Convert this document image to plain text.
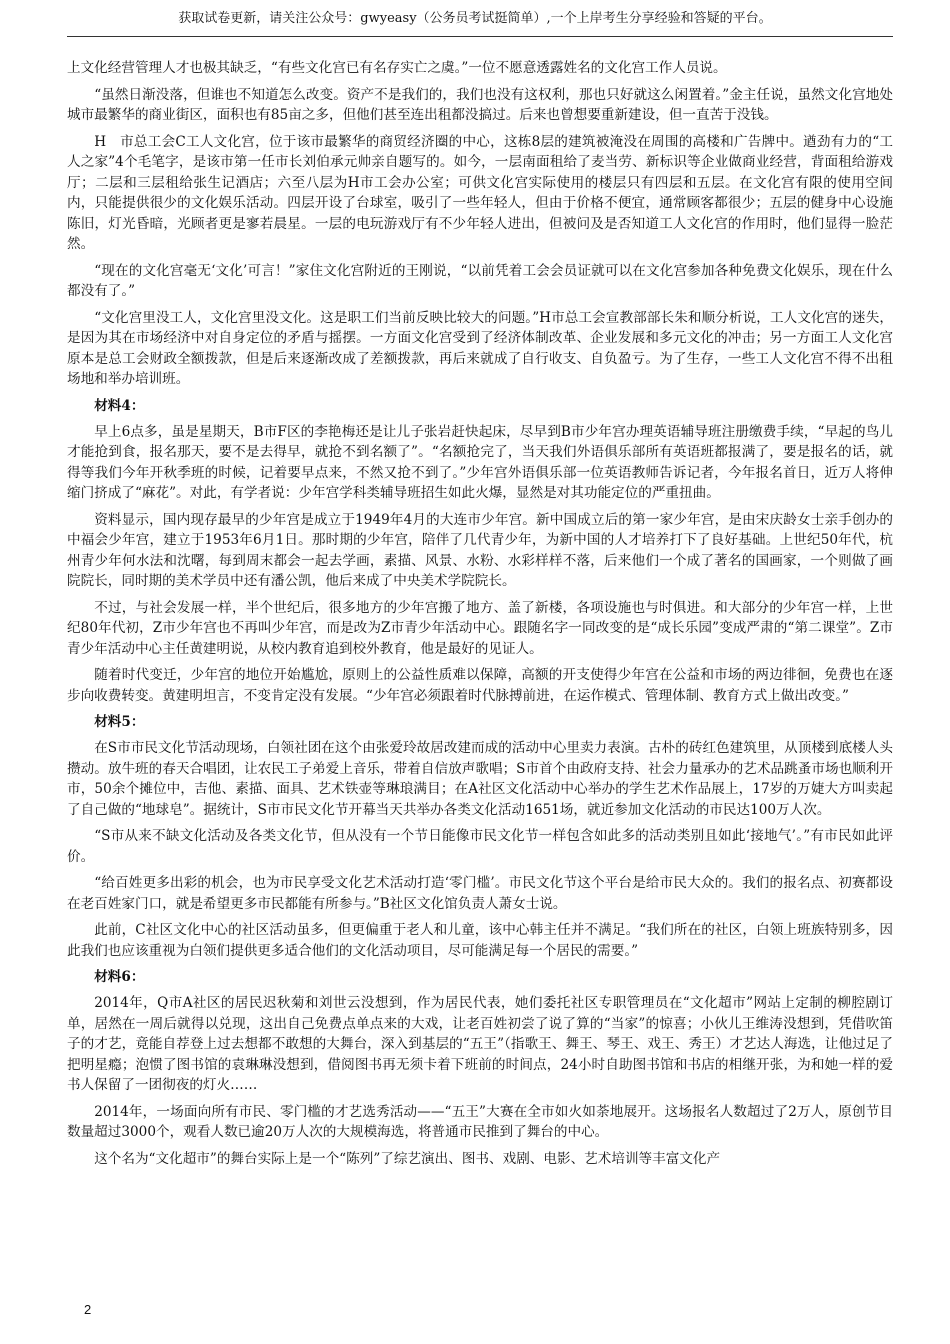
获取试卷更新，请关注公众号：gwyeasy（公务员考试挺简单）,一个上岸考生分享经验和答疑的平台。

上文化经营管理人才也极其缺乏，“有些文化宫已有名存实亡之虞。”一位不愿意透露姓名的文化宫工作人员说。

“虽然日渐没落，但谁也不知道怎么改变。资产不是我们的，我们也没有这权利，那也只好就这么闲置着。”金主任说，虽然文化宫地处城市最繁华的商业街区，面积也有85亩之多，但他们甚至连出租都没搞过。后来也曾想要重新建设，但一直苦于没钱。

H　市总工会C工人文化宫，位于该市最繁华的商贸经济圈的中心，这栋8层的建筑被淹没在周围的高楼和广告牌中。遒劲有力的“工人之家”4个毛笔字，是该市第一任市长刘伯承元帅亲自题写的。如今，一层南面租给了麦当劳、新标识等企业做商业经营，背面租给游戏厅；二层和三层租给张生记酒店；六至八层为H市工会办公室；可供文化宫实际使用的楼层只有四层和五层。在文化宫有限的使用空间内，只能提供很少的文化娱乐活动。四层开设了台球室，吸引了一些年轻人，但由于价格不便宜，通常顾客都很少；五层的健身中心设施陈旧，灯光昏暗，光顾者更是寥若晨星。一层的电玩游戏厅有不少年轻人进出，但被问及是否知道工人文化宫的作用时，他们显得一脸茫然。

“现在的文化宫毫无‘文化’可言！”家住文化宫附近的王刚说，“以前凭着工会会员证就可以在文化宫参加各种免费文化娱乐，现在什么都没有了。”

“文化宫里没工人，文化宫里没文化。这是职工们当前反映比较大的问题。”H市总工会宣教部部长朱和顺分析说，工人文化宫的迷失，是因为其在市场经济中对自身定位的矛盾与摇摆。一方面文化宫受到了经济体制改革、企业发展和多元文化的冲击；另一方面工人文化宫原本是总工会财政全额拨款，但是后来逐渐改成了差额拨款，再后来就成了自行收支、自负盈亏。为了生存，一些工人文化宫不得不出租场地和举办培训班。

材料4：

早上6点多，虽是星期天，B市F区的李艳梅还是让儿子张岩赶快起床，尽早到B市少年宫办理英语辅导班注册缴费手续，“早起的鸟儿才能抢到食，报名那天，要不是去得早，就抢不到名额了”。“名额抢完了，当天我们外语俱乐部所有英语班都报满了，要是报名的话，就得等我们今年开秋季班的时候，记着要早点来，不然又抢不到了。”少年宫外语俱乐部一位英语教师告诉记者，今年报名首日，近万人将伸缩门挤成了“麻花”。对此，有学者说：少年宫学科类辅导班招生如此火爆，显然是对其功能定位的严重扭曲。

资料显示，国内现存最早的少年宫是成立于1949年4月的大连市少年宫。新中国成立后的第一家少年宫，是由宋庆龄女士亲手创办的中福会少年宫，建立于1953年6月1日。那时期的少年宫，陪伴了几代青少年，为新中国的人才培养打下了良好基础。上世纪50年代，杭州青少年何水法和沈曙，每到周末都会一起去学画，素描、风景、水粉、水彩样样不落，后来他们一个成了著名的国画家，一个则做了画院院长，同时期的美术学员中还有潘公凯，他后来成了中央美术学院院长。

不过，与社会发展一样，半个世纪后，很多地方的少年宫搬了地方、盖了新楼，各项设施也与时俱进。和大部分的少年宫一样，上世纪80年代初，Z市少年宫也不再叫少年宫，而是改为Z市青少年活动中心。跟随名字一同改变的是“成长乐园”变成严肃的“第二课堂”。Z市青少年活动中心主任黄建明说，从校内教育追到校外教育，他是最好的见证人。

随着时代变迁，少年宫的地位开始尴尬，原则上的公益性质难以保障，高额的开支使得少年宫在公益和市场的两边徘徊，免费也在逐步向收费转变。黄建明坦言，不变肯定没有发展。“少年宫必须跟着时代脉搏前进，在运作模式、管理体制、教育方式上做出改变。”

材料5：

在S市市民文化节活动现场，白领社团在这个由张爱玲故居改建而成的活动中心里卖力表演。古朴的砖红色建筑里，从顶楼到底楼人头攒动。放牛班的春天合唱团，让农民工子弟爱上音乐，带着自信放声歌唱；S市首个由政府支持、社会力量承办的艺术品跳蚤市场也顺利开市，50余个摊位中，吉他、素描、面具、艺术铁壶等琳琅满目；在A社区文化活动中心举办的学生艺术作品展上，17岁的万婕大方叫卖起了自己做的“地球皂”。据统计，S市市民文化节开幕当天共举办各类文化活动1651场，就近参加文化活动的市民达100万人次。

“S市从来不缺文化活动及各类文化节，但从没有一个节日能像市民文化节一样包含如此多的活动类别且如此‘接地气’。”有市民如此评价。

“给百姓更多出彩的机会，也为市民享受文化艺术活动打造‘零门槛’。市民文化节这个平台是给市民大众的。我们的报名点、初赛都设在老百姓家门口，就是希望更多市民都能有所参与。”B社区文化馆负责人萧女士说。

此前，C社区文化中心的社区活动虽多，但更偏重于老人和儿童，该中心韩主任并不满足。“我们所在的社区，白领上班族特别多，因此我们也应该重视为白领们提供更多适合他们的文化活动项目，尽可能满足每一个居民的需要。”

材料6：

2014年，Q市A社区的居民迟秋菊和刘世云没想到，作为居民代表，她们委托社区专职管理员在“文化超市”网站上定制的柳腔剧订单，居然在一周后就得以兑现，这出自己免费点单点来的大戏，让老百姓初尝了说了算的“当家”的惊喜；小伙儿王维涛没想到，凭借吹笛子的才艺，竟能自荐登上过去想都不敢想的大舞台，深入到基层的“五王”（指歌王、舞王、琴王、戏王、秀王）才艺达人海选，让他过足了把明星瘾；泡惯了图书馆的袁琳琳没想到，借阅图书再无须卡着下班前的时间点，24小时自助图书馆和书店的相继开张，为和她一样的爱书人保留了一团彻夜的灯火……

2014年，一场面向所有市民、零门槛的才艺选秀活动——“五王”大赛在全市如火如荼地展开。这场报名人数超过了2万人，原创节目数量超过3000个，观看人数已逾20万人次的大规模海选，将普通市民推到了舞台的中心。

这个名为“文化超市”的舞台实际上是一个“陈列”了综艺演出、图书、戏剧、电影、艺术培训等丰富文化产

2
